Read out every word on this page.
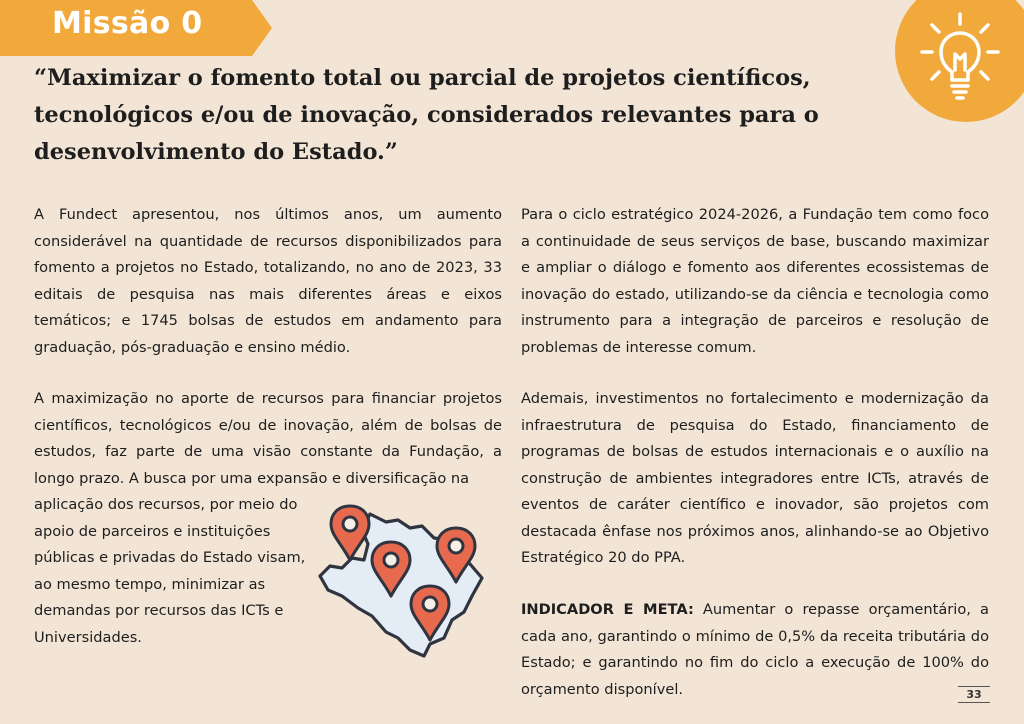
Missão 0

“Maximizar o fomento total ou parcial de projetos científicos, tecnológicos e/ou de inovação, considerados relevantes para o desenvolvimento do Estado.”

A Fundect apresentou, nos últimos anos, um aumento considerável na quantidade de recursos disponibilizados para fomento a projetos no Estado, totalizando, no ano de 2023, 33 editais de pesquisa nas mais diferentes áreas e eixos temáticos; e 1745 bolsas de estudos em andamento para graduação, pós-graduação e ensino médio.

A maximização no aporte de recursos para financiar projetos científicos, tecnológicos e/ou de inovação, além de bolsas de estudos, faz parte de uma visão constante da Fundação, a longo prazo. A busca por uma expansão e diversificação na

aplicação dos recursos, por meio do apoio de parceiros e instituições públicas e privadas do Estado visam, ao mesmo tempo, minimizar as demandas por recursos das ICTs e Universidades.

Para o ciclo estratégico 2024-2026, a Fundação tem como foco a continuidade de seus serviços de base, buscando maximizar e ampliar o diálogo e fomento aos diferentes ecossistemas de inovação do estado, utilizando-se da ciência e tecnologia como instrumento para a integração de parceiros e resolução de problemas de interesse comum.

Ademais, investimentos no fortalecimento e modernização da infraestrutura de pesquisa do Estado, financiamento de programas de bolsas de estudos internacionais e o auxílio na construção de ambientes integradores entre ICTs, através de eventos de caráter científico e inovador, são projetos com destacada ênfase nos próximos anos, alinhando-se ao Objetivo Estratégico 20 do PPA.

INDICADOR E META: Aumentar o repasse orçamentário, a cada ano, garantindo o mínimo de 0,5% da receita tributária do Estado; e garantindo no fim do ciclo a execução de 100% do orçamento disponível.	33
